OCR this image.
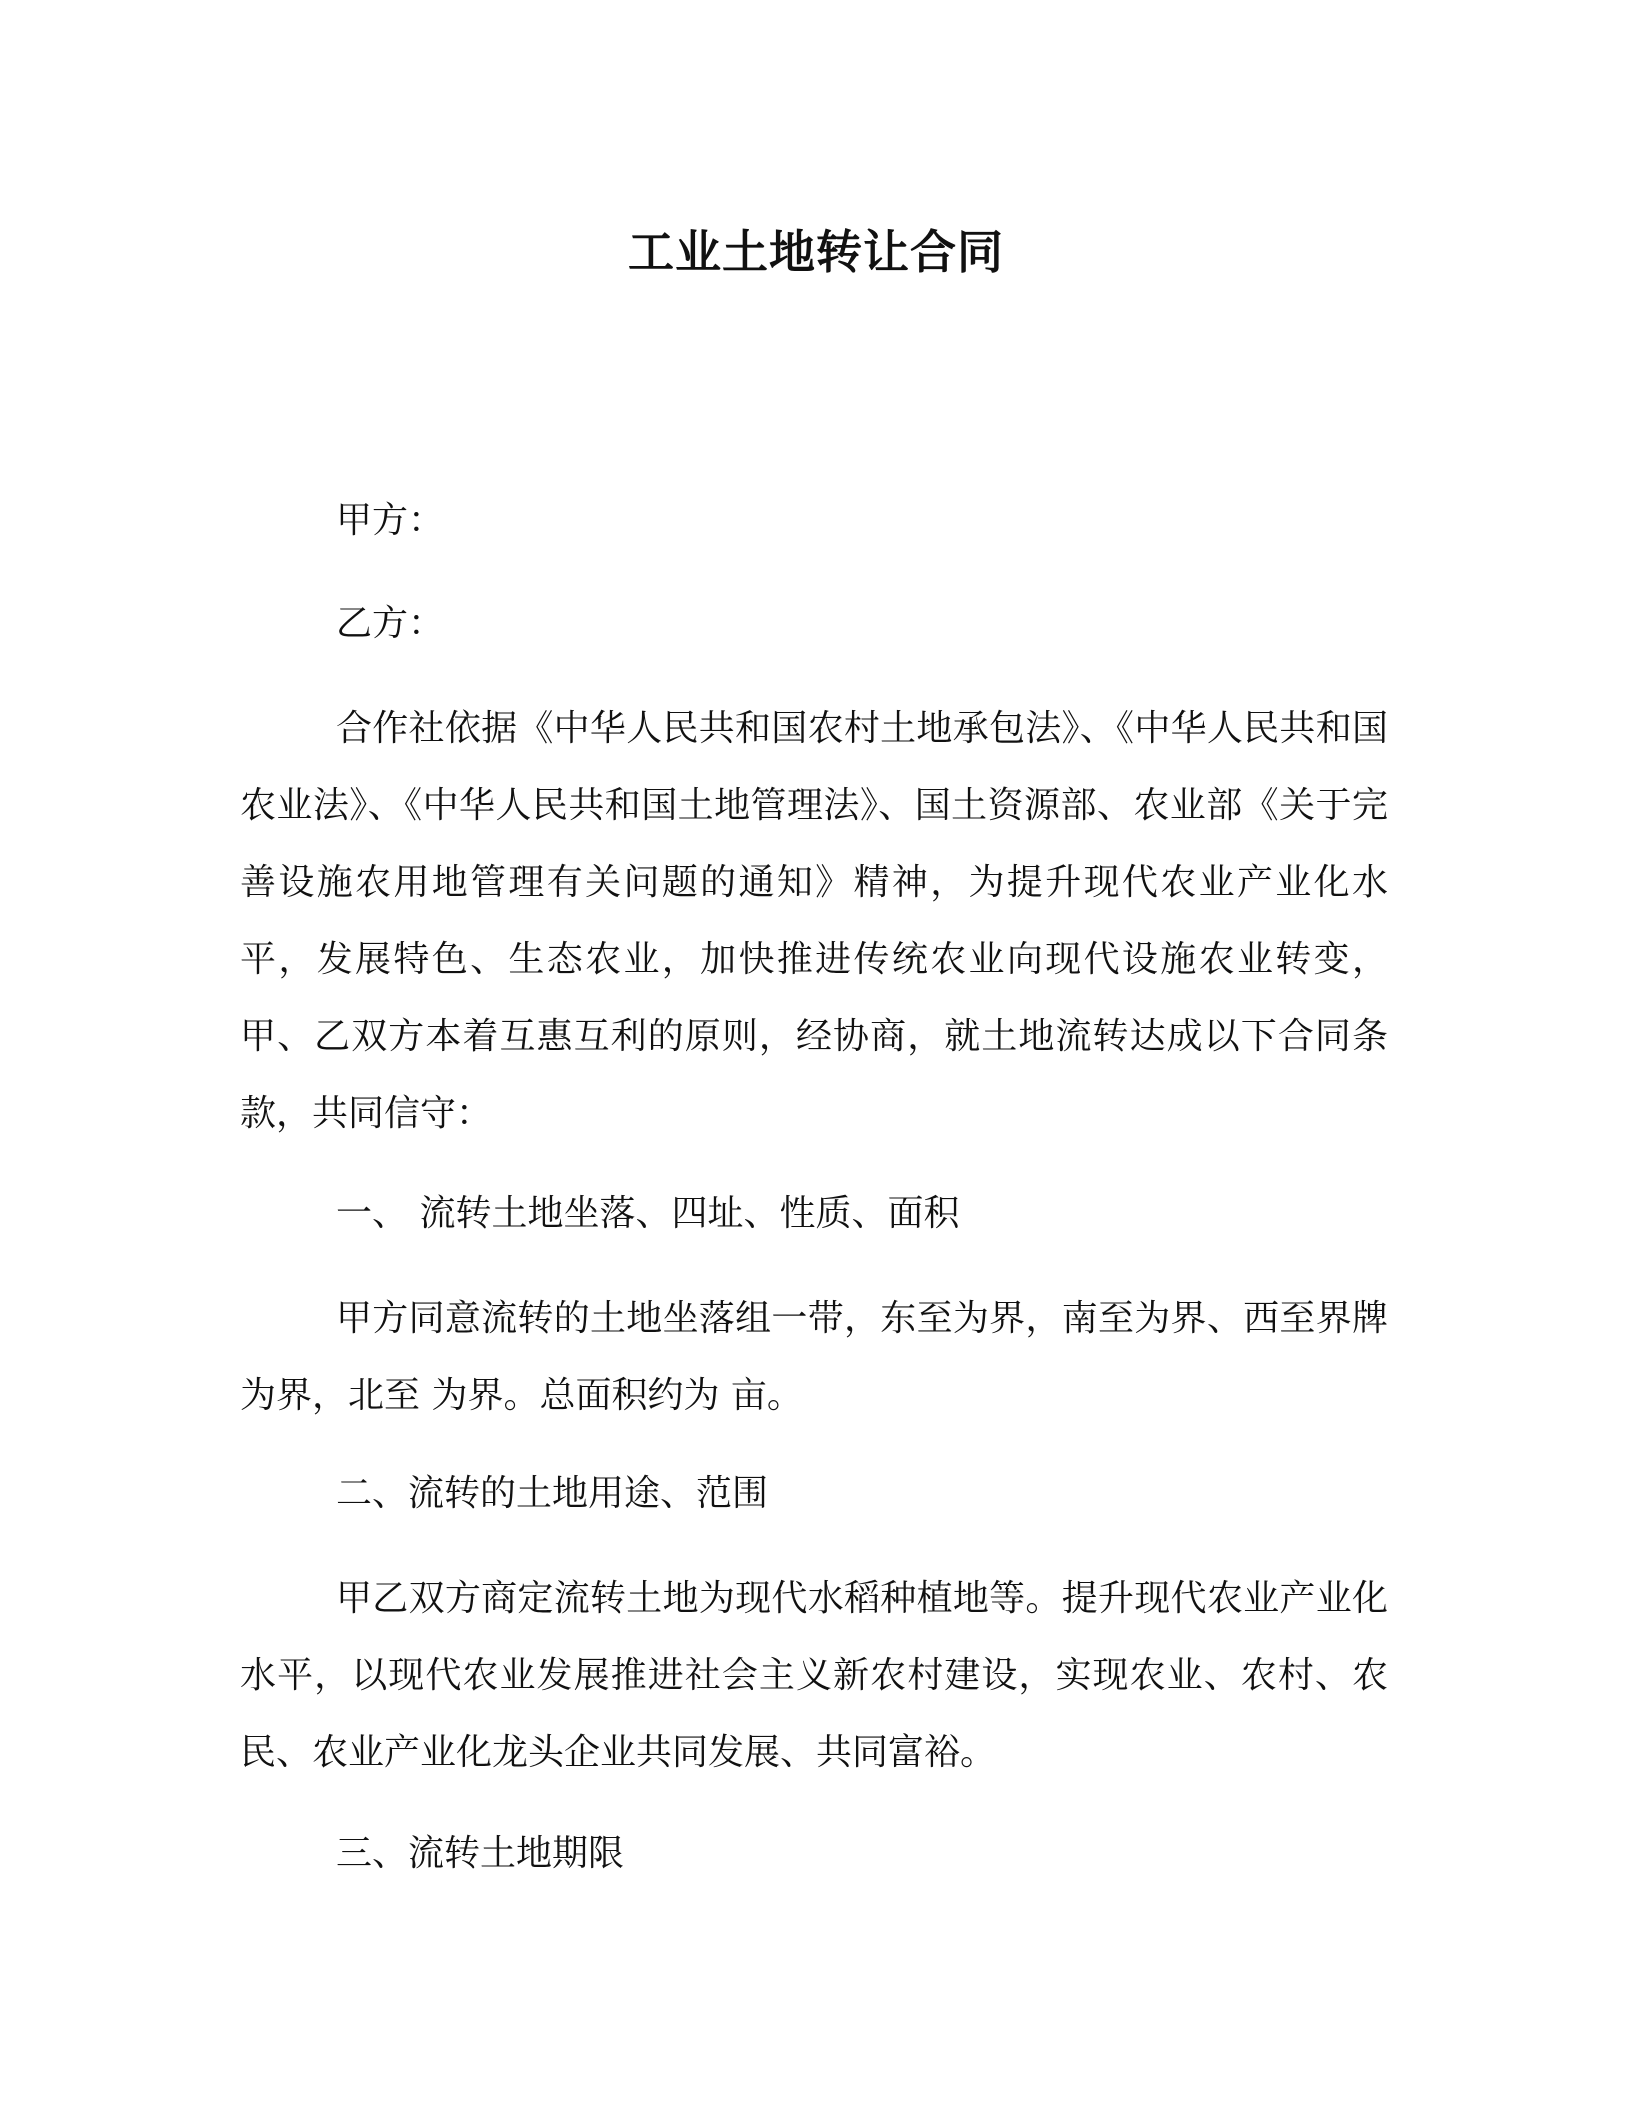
工业土地转让合同

甲方：

乙方：

合作社依据《中华人民共和国农村土地承包法》、《中华人民共和国农业法》、《中华人民共和国土地管理法》、国土资源部、农业部《关于完善设施农用地管理有关问题的通知》精神，为提升现代农业产业化水平，发展特色、生态农业，加快推进传统农业向现代设施农业转变，甲、乙双方本着互惠互利的原则，经协商，就土地流转达成以下合同条款，共同信守：

一、 流转土地坐落、四址、性质、面积

甲方同意流转的土地坐落组一带，东至为界，南至为界、西至界牌为界，北至 为界。总面积约为 亩。

二、流转的土地用途、范围

甲乙双方商定流转土地为现代水稻种植地等。提升现代农业产业化水平，以现代农业发展推进社会主义新农村建设，实现农业、农村、农民、农业产业化龙头企业共同发展、共同富裕。

三、流转土地期限
